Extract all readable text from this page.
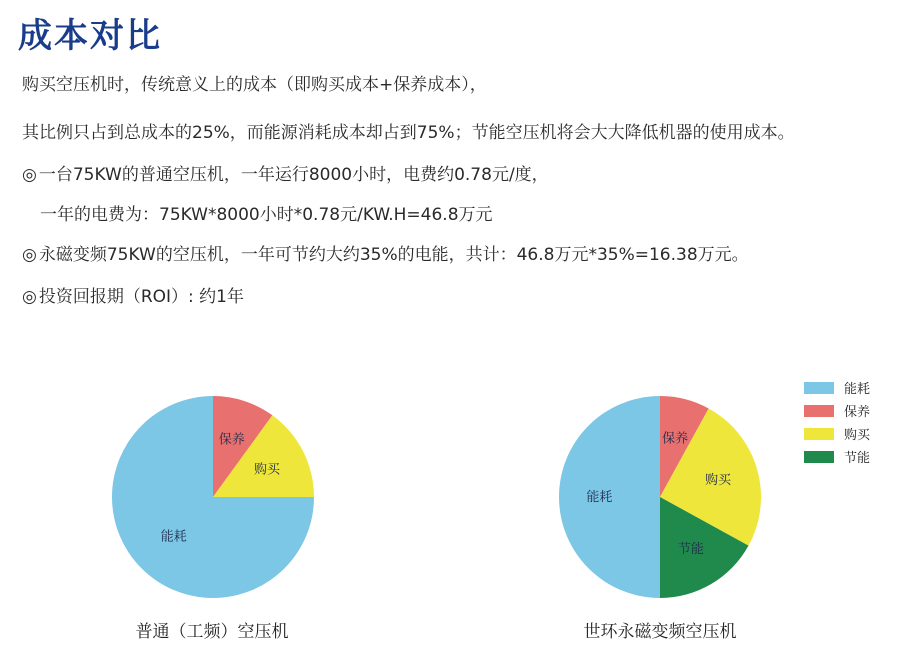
成本对比
购买空压机时，传统意义上的成本（即购买成本+保养成本），
其比例只占到总成本的25%，而能源消耗成本却占到75%；节能空压机将会大大降低机器的使用成本。
◎ 一台75KW的普通空压机，一年运行8000小时，电费约0.78元/度，
一年的电费为：75KW*8000小时*0.78元/KW.H=46.8万元
◎ 永磁变频75KW的空压机，一年可节约大约35%的电能，共计：46.8万元*35%=16.38万元。
◎ 投资回报期（ROI）: 约1年
保养
购买
能耗
保养
购买
节能
能耗
普通（工频）空压机	世环永磁变频空压机
能耗
保养
购买
节能
